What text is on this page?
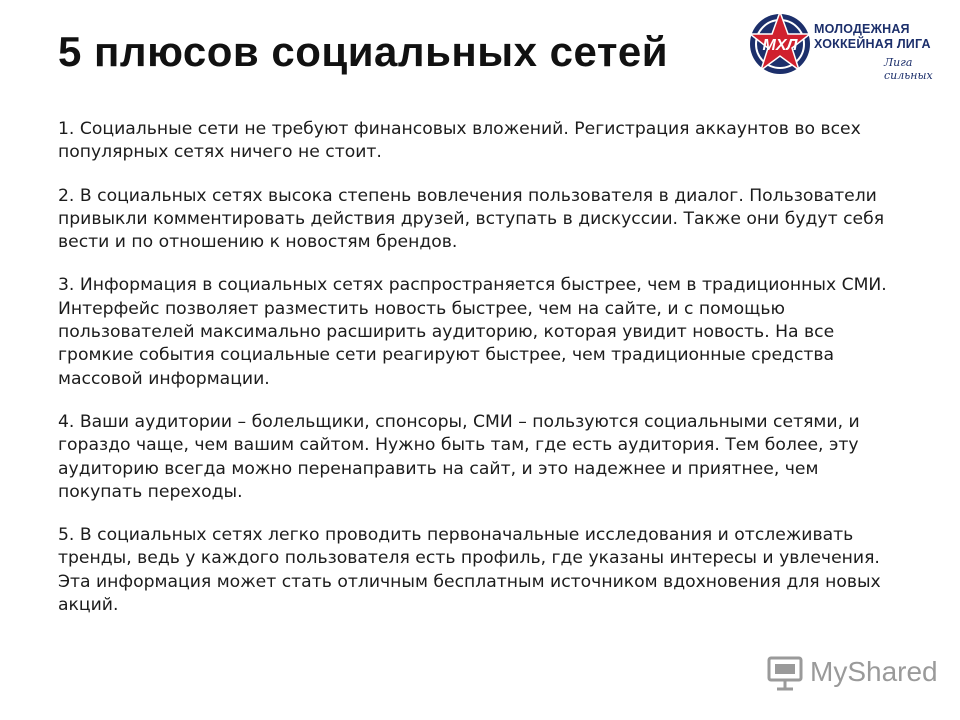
5 плюсов социальных сетей	МХЛ
МОЛОДЕЖНАЯ
ХОККЕЙНАЯ ЛИГА
Лига сильных

1. Социальные сети не требуют финансовых вложений. Регистрация аккаунтов во всех популярных сетях ничего не стоит.

2. В социальных сетях высока степень вовлечения пользователя в диалог. Пользователи привыкли комментировать действия друзей, вступать в дискуссии. Также они будут себя вести и по отношению к новостям брендов.

3. Информация в социальных сетях распространяется быстрее, чем в традиционных СМИ. Интерфейс позволяет разместить новость быстрее, чем на сайте, и с помощью пользователей максимально расширить аудиторию, которая увидит новость. На все громкие события социальные сети реагируют быстрее, чем традиционные средства массовой информации.

4. Ваши аудитории – болельщики, спонсоры, СМИ – пользуются социальными сетями, и гораздо чаще, чем вашим сайтом. Нужно быть там, где есть аудитория. Тем более, эту аудиторию всегда можно перенаправить на сайт, и это надежнее и приятнее, чем покупать переходы.

5. В социальных сетях легко проводить первоначальные исследования и отслеживать тренды, ведь у каждого пользователя есть профиль, где указаны интересы и увлечения. Эта информация может стать отличным бесплатным источником вдохновения для новых акций.

MyShared
